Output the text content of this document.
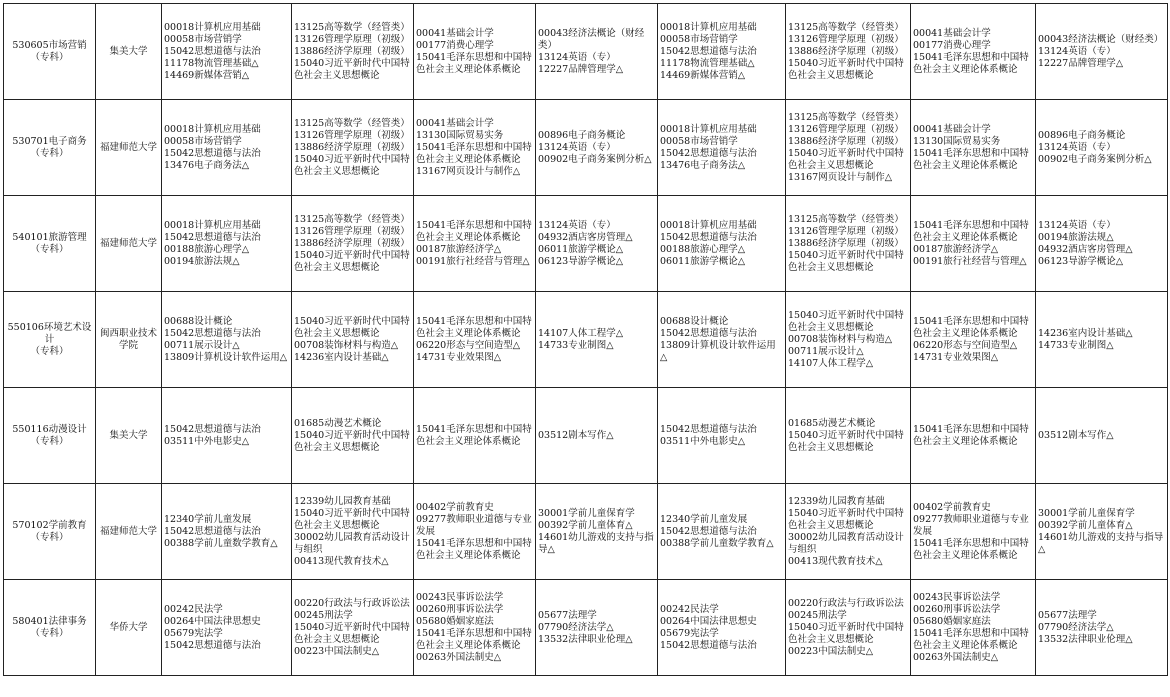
530605市场营销
（专科）	集美大学	00018计算机应用基础
00058市场营销学
15042思想道德与法治
11178物流管理基础△
14469新媒体营销△	13125高等数学（经管类）
13126管理学原理（初级）
13886经济学原理（初级）
15040习近平新时代中国特色社会主义思想概论	00041基础会计学
00177消费心理学
15041毛泽东思想和中国特色社会主义理论体系概论	00043经济法概论（财经类）
13124英语（专）
12227品牌管理学△	00018计算机应用基础
00058市场营销学
15042思想道德与法治
11178物流管理基础△
14469新媒体营销△	13125高等数学（经管类）
13126管理学原理（初级）
13886经济学原理（初级）
15040习近平新时代中国特色社会主义思想概论	00041基础会计学
00177消费心理学
15041毛泽东思想和中国特色社会主义理论体系概论	00043经济法概论（财经类）
13124英语（专）
12227品牌管理学△
530701电子商务
（专科）	福建师范大学	00018计算机应用基础
00058市场营销学
15042思想道德与法治
13476电子商务法△	13125高等数学（经管类）
13126管理学原理（初级）
13886经济学原理（初级）
15040习近平新时代中国特色社会主义思想概论	00041基础会计学
13130国际贸易实务
15041毛泽东思想和中国特色社会主义理论体系概论
13167网页设计与制作△	00896电子商务概论
13124英语（专）
00902电子商务案例分析△	00018计算机应用基础
00058市场营销学
15042思想道德与法治
13476电子商务法△	13125高等数学（经管类）
13126管理学原理（初级）
13886经济学原理（初级）
15040习近平新时代中国特色社会主义思想概论
13167网页设计与制作△	00041基础会计学
13130国际贸易实务
15041毛泽东思想和中国特色社会主义理论体系概论	00896电子商务概论
13124英语（专）
00902电子商务案例分析△
540101旅游管理
（专科）	福建师范大学	00018计算机应用基础
15042思想道德与法治
00188旅游心理学△
00194旅游法规△	13125高等数学（经管类）
13126管理学原理（初级）
13886经济学原理（初级）
15040习近平新时代中国特色社会主义思想概论	15041毛泽东思想和中国特色社会主义理论体系概论
00187旅游经济学△
00191旅行社经营与管理△	13124英语（专）
04932酒店客房管理△
06011旅游学概论△
06123导游学概论△	00018计算机应用基础
15042思想道德与法治
00188旅游心理学△
06011旅游学概论△	13125高等数学（经管类）
13126管理学原理（初级）
13886经济学原理（初级）
15040习近平新时代中国特色社会主义思想概论	15041毛泽东思想和中国特色社会主义理论体系概论
00187旅游经济学△
00191旅行社经营与管理△	13124英语（专）
00194旅游法规△
04932酒店客房管理△
06123导游学概论△
550106环境艺术设计
（专科）	闽西职业技术学院	00688设计概论
15042思想道德与法治
00711展示设计△
13809计算机设计软件运用△	15040习近平新时代中国特色社会主义思想概论
00708装饰材料与构造△
14236室内设计基础△	15041毛泽东思想和中国特色社会主义理论体系概论
06220形态与空间造型△
14731专业效果图△	14107人体工程学△
14733专业制图△	00688设计概论
15042思想道德与法治
13809计算机设计软件运用△	15040习近平新时代中国特色社会主义思想概论
00708装饰材料与构造△
00711展示设计△
14107人体工程学△	15041毛泽东思想和中国特色社会主义理论体系概论
06220形态与空间造型△
14731专业效果图△	14236室内设计基础△
14733专业制图△
550116动漫设计
（专科）	集美大学	15042思想道德与法治
03511中外电影史△	01685动漫艺术概论
15040习近平新时代中国特色社会主义思想概论	15041毛泽东思想和中国特色社会主义理论体系概论	03512剧本写作△	15042思想道德与法治
03511中外电影史△	01685动漫艺术概论
15040习近平新时代中国特色社会主义思想概论	15041毛泽东思想和中国特色社会主义理论体系概论	03512剧本写作△
570102学前教育
（专科）	福建师范大学	12340学前儿童发展
15042思想道德与法治
00388学前儿童数学教育△	12339幼儿园教育基础
15040习近平新时代中国特色社会主义思想概论
30002幼儿园教育活动设计与组织
00413现代教育技术△	00402学前教育史
09277教师职业道德与专业发展
15041毛泽东思想和中国特色社会主义理论体系概论	30001学前儿童保育学
00392学前儿童体育△
14601幼儿游戏的支持与指导△	12340学前儿童发展
15042思想道德与法治
00388学前儿童数学教育△	12339幼儿园教育基础
15040习近平新时代中国特色社会主义思想概论
30002幼儿园教育活动设计与组织
00413现代教育技术△	00402学前教育史
09277教师职业道德与专业发展
15041毛泽东思想和中国特色社会主义理论体系概论	30001学前儿童保育学
00392学前儿童体育△
14601幼儿游戏的支持与指导△
580401法律事务
（专科）	华侨大学	00242民法学
00264中国法律思想史
05679宪法学
15042思想道德与法治	00220行政法与行政诉讼法
00245刑法学
15040习近平新时代中国特色社会主义思想概论
00223中国法制史△	00243民事诉讼法学
00260刑事诉讼法学
05680婚姻家庭法
15041毛泽东思想和中国特色社会主义理论体系概论
00263外国法制史△	05677法理学
07790经济法学△
13532法律职业伦理△	00242民法学
00264中国法律思想史
05679宪法学
15042思想道德与法治	00220行政法与行政诉讼法
00245刑法学
15040习近平新时代中国特色社会主义思想概论
00223中国法制史△	00243民事诉讼法学
00260刑事诉讼法学
05680婚姻家庭法
15041毛泽东思想和中国特色社会主义理论体系概论
00263外国法制史△	05677法理学
07790经济法学△
13532法律职业伦理△
